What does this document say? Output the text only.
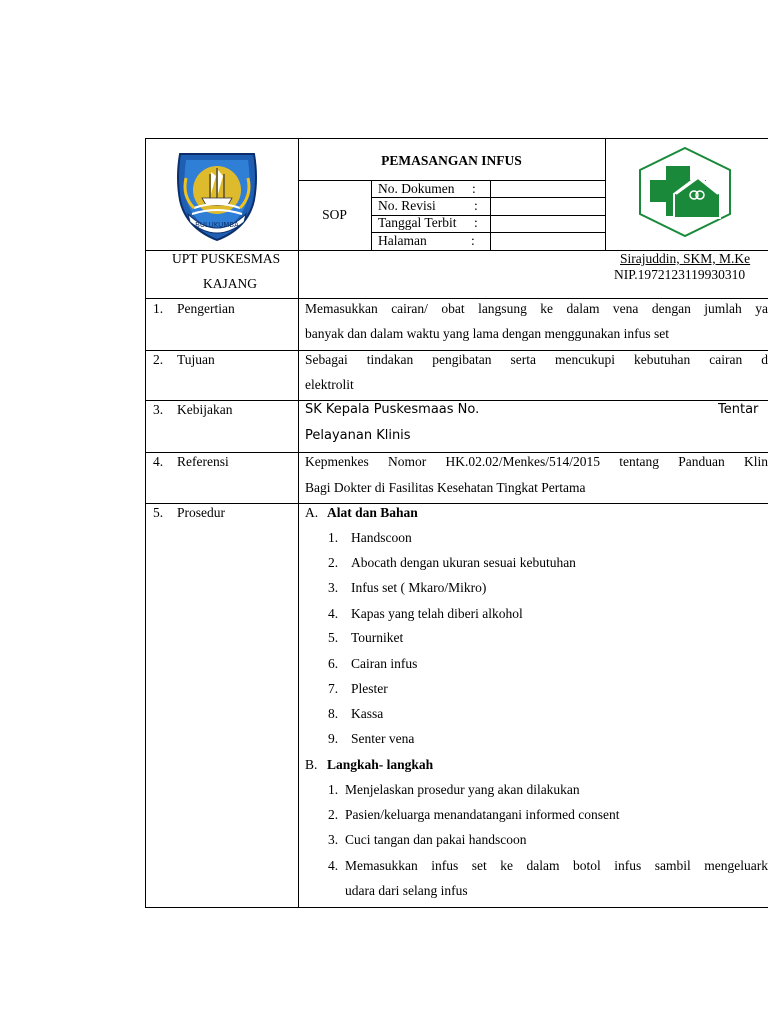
BULUKUMBA
PEMASANGAN INFUS
SOP
No. Dokumen :
No. Revisi	:
Tanggal Terbit :
Halaman	:
UPT PUSKESMAS
KAJANG
Sirajuddin, SKM, M.Ke
NIP.1972123119930310
1. Pengertian	Memasukkan cairan/ obat langsung ke dalam vena dengan jumlah ya
banyak dan dalam waktu yang lama dengan menggunakan infus set
2. Tujuan	Sebagai tindakan pengibatan serta mencukupi kebutuhan cairan d
elektrolit
3. Kebijakan	SK Kepala Puskesmaas No.	Tentar
Pelayanan Klinis
4. Referensi	Kepmenkes Nomor HK.02.02/Menkes/514/2015 tentang Panduan Klin
Bagi Dokter di Fasilitas Kesehatan Tingkat Pertama
5. Prosedur	A. Alat dan Bahan
1. Handscoon
2. Abocath dengan ukuran sesuai kebutuhan
3. Infus set ( Mkaro/Mikro)
4. Kapas yang telah diberi alkohol
5. Tourniket
6. Cairan infus
7. Plester
8. Kassa
9. Senter vena
B. Langkah- langkah
1. Menjelaskan prosedur yang akan dilakukan
2. Pasien/keluarga menandatangani informed consent
3. Cuci tangan dan pakai handscoon
4. Memasukkan infus set ke dalam botol infus sambil mengeluark
udara dari selang infus
